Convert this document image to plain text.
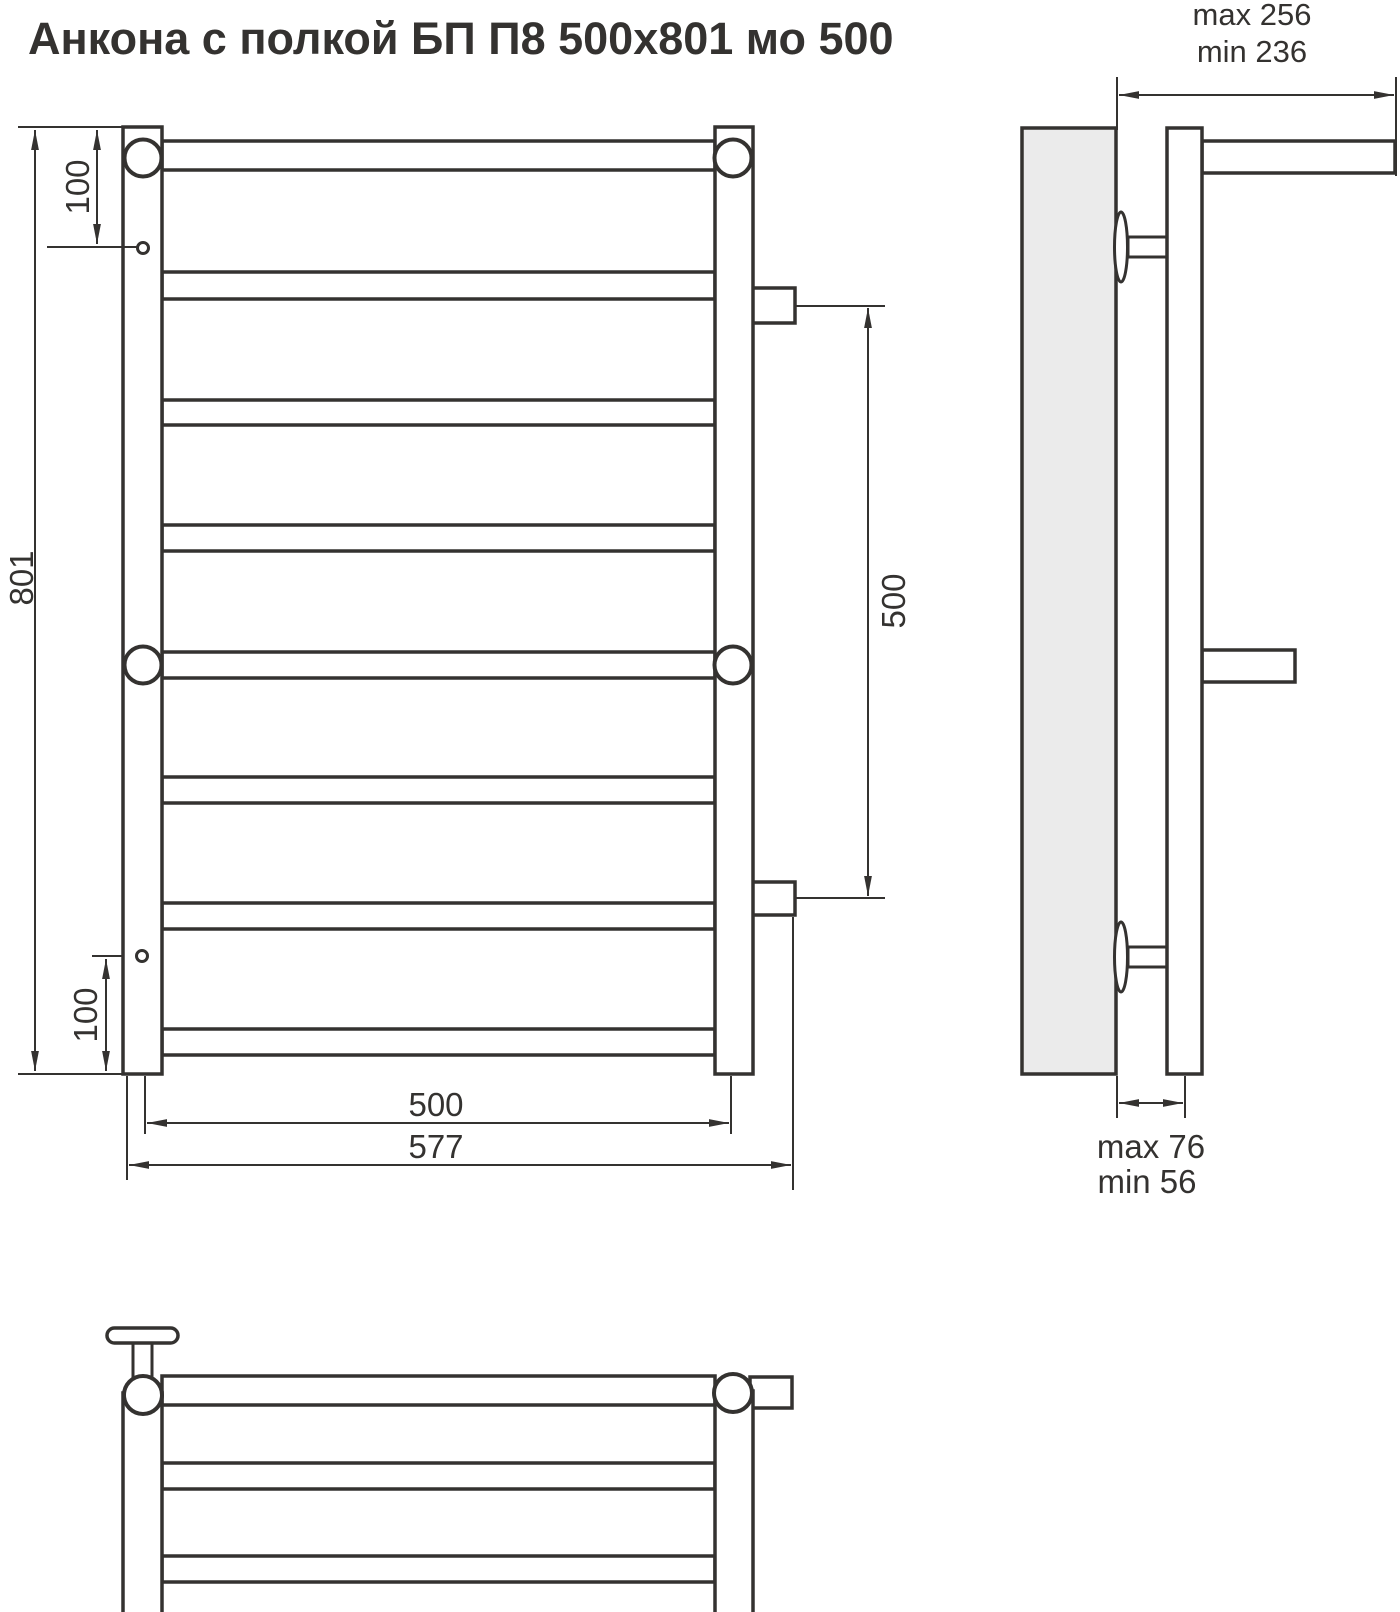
Анкона с полкой БП П8 500х801 мо 500
801
100
100
500
577
500
max 256
min 236
max 76
min 56
